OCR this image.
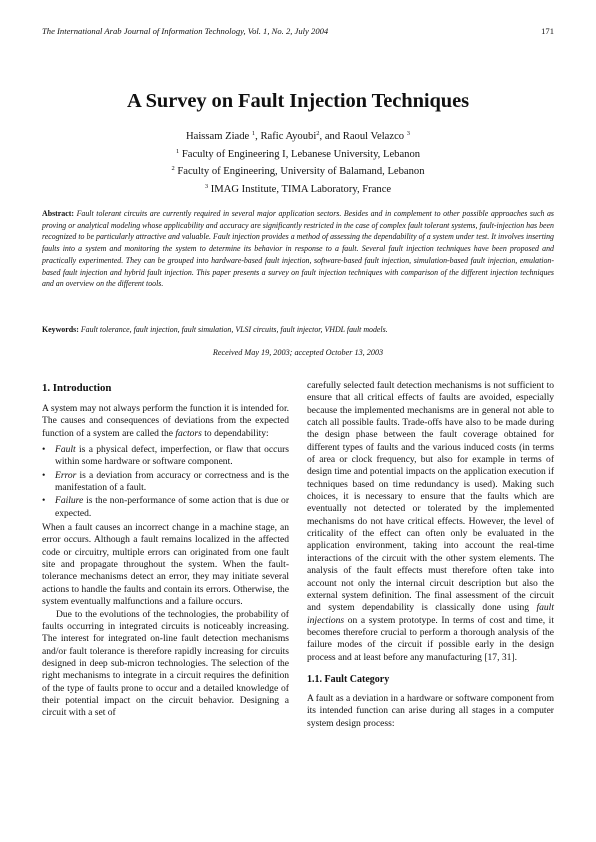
The International Arab Journal of Information Technology, Vol. 1, No. 2, July 2004	171
A Survey on Fault Injection Techniques
Haissam Ziade $^1$, Rafic Ayoubi$^2$, and Raoul Velazco $^3$
$^1$ Faculty of Engineering I, Lebanese University, Lebanon
$^2$ Faculty of Engineering, University of Balamand, Lebanon
$^3$ IMAG Institute, TIMA Laboratory, France
Abstract: Fault tolerant circuits are currently required in several major application sectors. Besides and in complement to other possible approaches such as proving or analytical modeling whose applicability and accuracy are significantly restricted in the case of complex fault tolerant systems, fault-injection has been recognized to be particularly attractive and valuable. Fault injection provides a method of assessing the dependability of a system under test. It involves inserting faults into a system and monitoring the system to determine its behavior in response to a fault. Several fault injection techniques have been proposed and practically experimented. They can be grouped into hardware-based fault injection, software-based fault injection, simulation-based fault injection, emulation-based fault injection and hybrid fault injection. This paper presents a survey on fault injection techniques with comparison of the different injection techniques and an overview on the different tools.
Keywords: Fault tolerance, fault injection, fault simulation, VLSI circuits, fault injector, VHDL fault models.
Received May 19, 2003; accepted October 13, 2003
1. Introduction

A system may not always perform the function it is intended for. The causes and consequences of deviations from the expected function of a system are called the factors to dependability:

• Fault is a physical defect, imperfection, or flaw that occurs within some hardware or software component.
• Error is a deviation from accuracy or correctness and is the manifestation of a fault.
• Failure is the non-performance of some action that is due or expected.

When a fault causes an incorrect change in a machine stage, an error occurs. Although a fault remains localized in the affected code or circuitry, multiple errors can originated from one fault site and propagate throughout the system. When the fault-tolerance mechanisms detect an error, they may initiate several actions to handle the faults and contain its errors. Otherwise, the system eventually malfunctions and a failure occurs.

Due to the evolutions of the technologies, the probability of faults occurring in integrated circuits is noticeably increasing. The interest for integrated on-line fault detection mechanisms and/or fault tolerance is therefore rapidly increasing for circuits designed in deep sub-micron technologies. The selection of the right mechanisms to integrate in a circuit requires the definition of the type of faults prone to occur and a detailed knowledge of their potential impact on the circuit behavior. Designing a circuit with a set of

carefully selected fault detection mechanisms is not sufficient to ensure that all critical effects of faults are avoided, especially because the implemented mechanisms are in general not able to catch all possible faults. Trade-offs have also to be made during the design phase between the fault coverage obtained for different types of faults and the various induced costs (in terms of area or clock frequency, but also for example in terms of design time and potential impacts on the application execution if techniques based on time redundancy is used). Making such choices, it is necessary to ensure that the faults which are eventually not detected or tolerated by the implemented mechanisms do not have critical effects. However, the level of criticality of the effect can often only be evaluated in the application environment, taking into account the real-time interactions of the circuit with the other system elements. The analysis of the fault effects must therefore often take into account not only the internal circuit description but also the external system definition. The final assessment of the circuit and system dependability is classically done using fault injections on a system prototype. In terms of cost and time, it becomes therefore crucial to perform a thorough analysis of the failure modes of the circuit if possible early in the design process and at least before any manufacturing [17, 31].

1.1. Fault Category

A fault as a deviation in a hardware or software component from its intended function can arise during all stages in a computer system design process:
